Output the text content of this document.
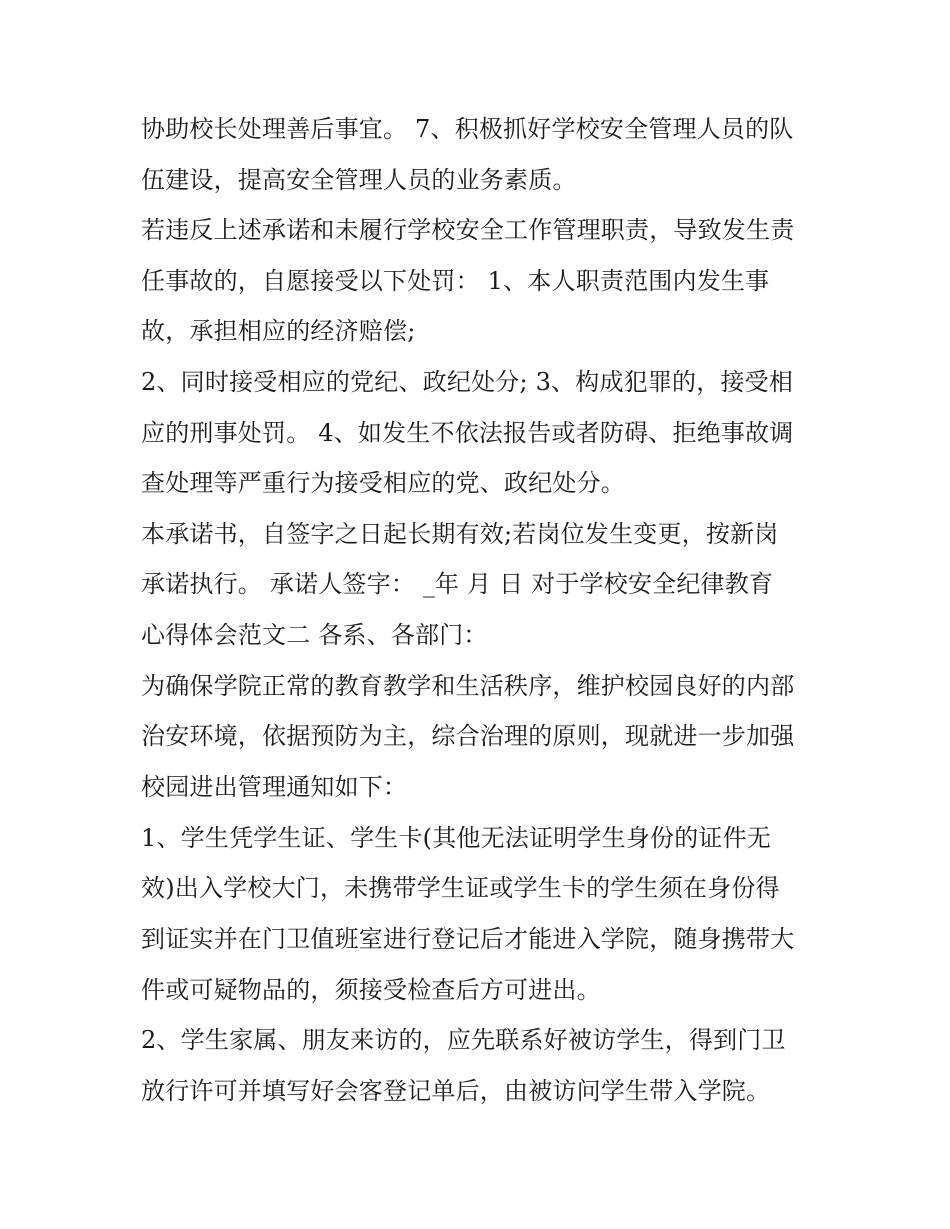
协助校长处理善后事宜。 7、积极抓好学校安全管理人员的队
伍建设，提高安全管理人员的业务素质。
若违反上述承诺和未履行学校安全工作管理职责，导致发生责
任事故的，自愿接受以下处罚： 1、本人职责范围内发生事
故，承担相应的经济赔偿;
2、同时接受相应的党纪、政纪处分; 3、构成犯罪的，接受相
应的刑事处罚。 4、如发生不依法报告或者防碍、拒绝事故调
查处理等严重行为接受相应的党、政纪处分。
本承诺书，自签字之日起长期有效;若岗位发生变更，按新岗
承诺执行。 承诺人签字： _年 月 日 对于学校安全纪律教育
心得体会范文二 各系、各部门：
为确保学院正常的教育教学和生活秩序，维护校园良好的内部
治安环境，依据预防为主，综合治理的原则，现就进一步加强
校园进出管理通知如下：
1、学生凭学生证、学生卡(其他无法证明学生身份的证件无
效)出入学校大门，未携带学生证或学生卡的学生须在身份得
到证实并在门卫值班室进行登记后才能进入学院，随身携带大
件或可疑物品的，须接受检查后方可进出。
2、学生家属、朋友来访的，应先联系好被访学生，得到门卫
放行许可并填写好会客登记单后，由被访问学生带入学院。
